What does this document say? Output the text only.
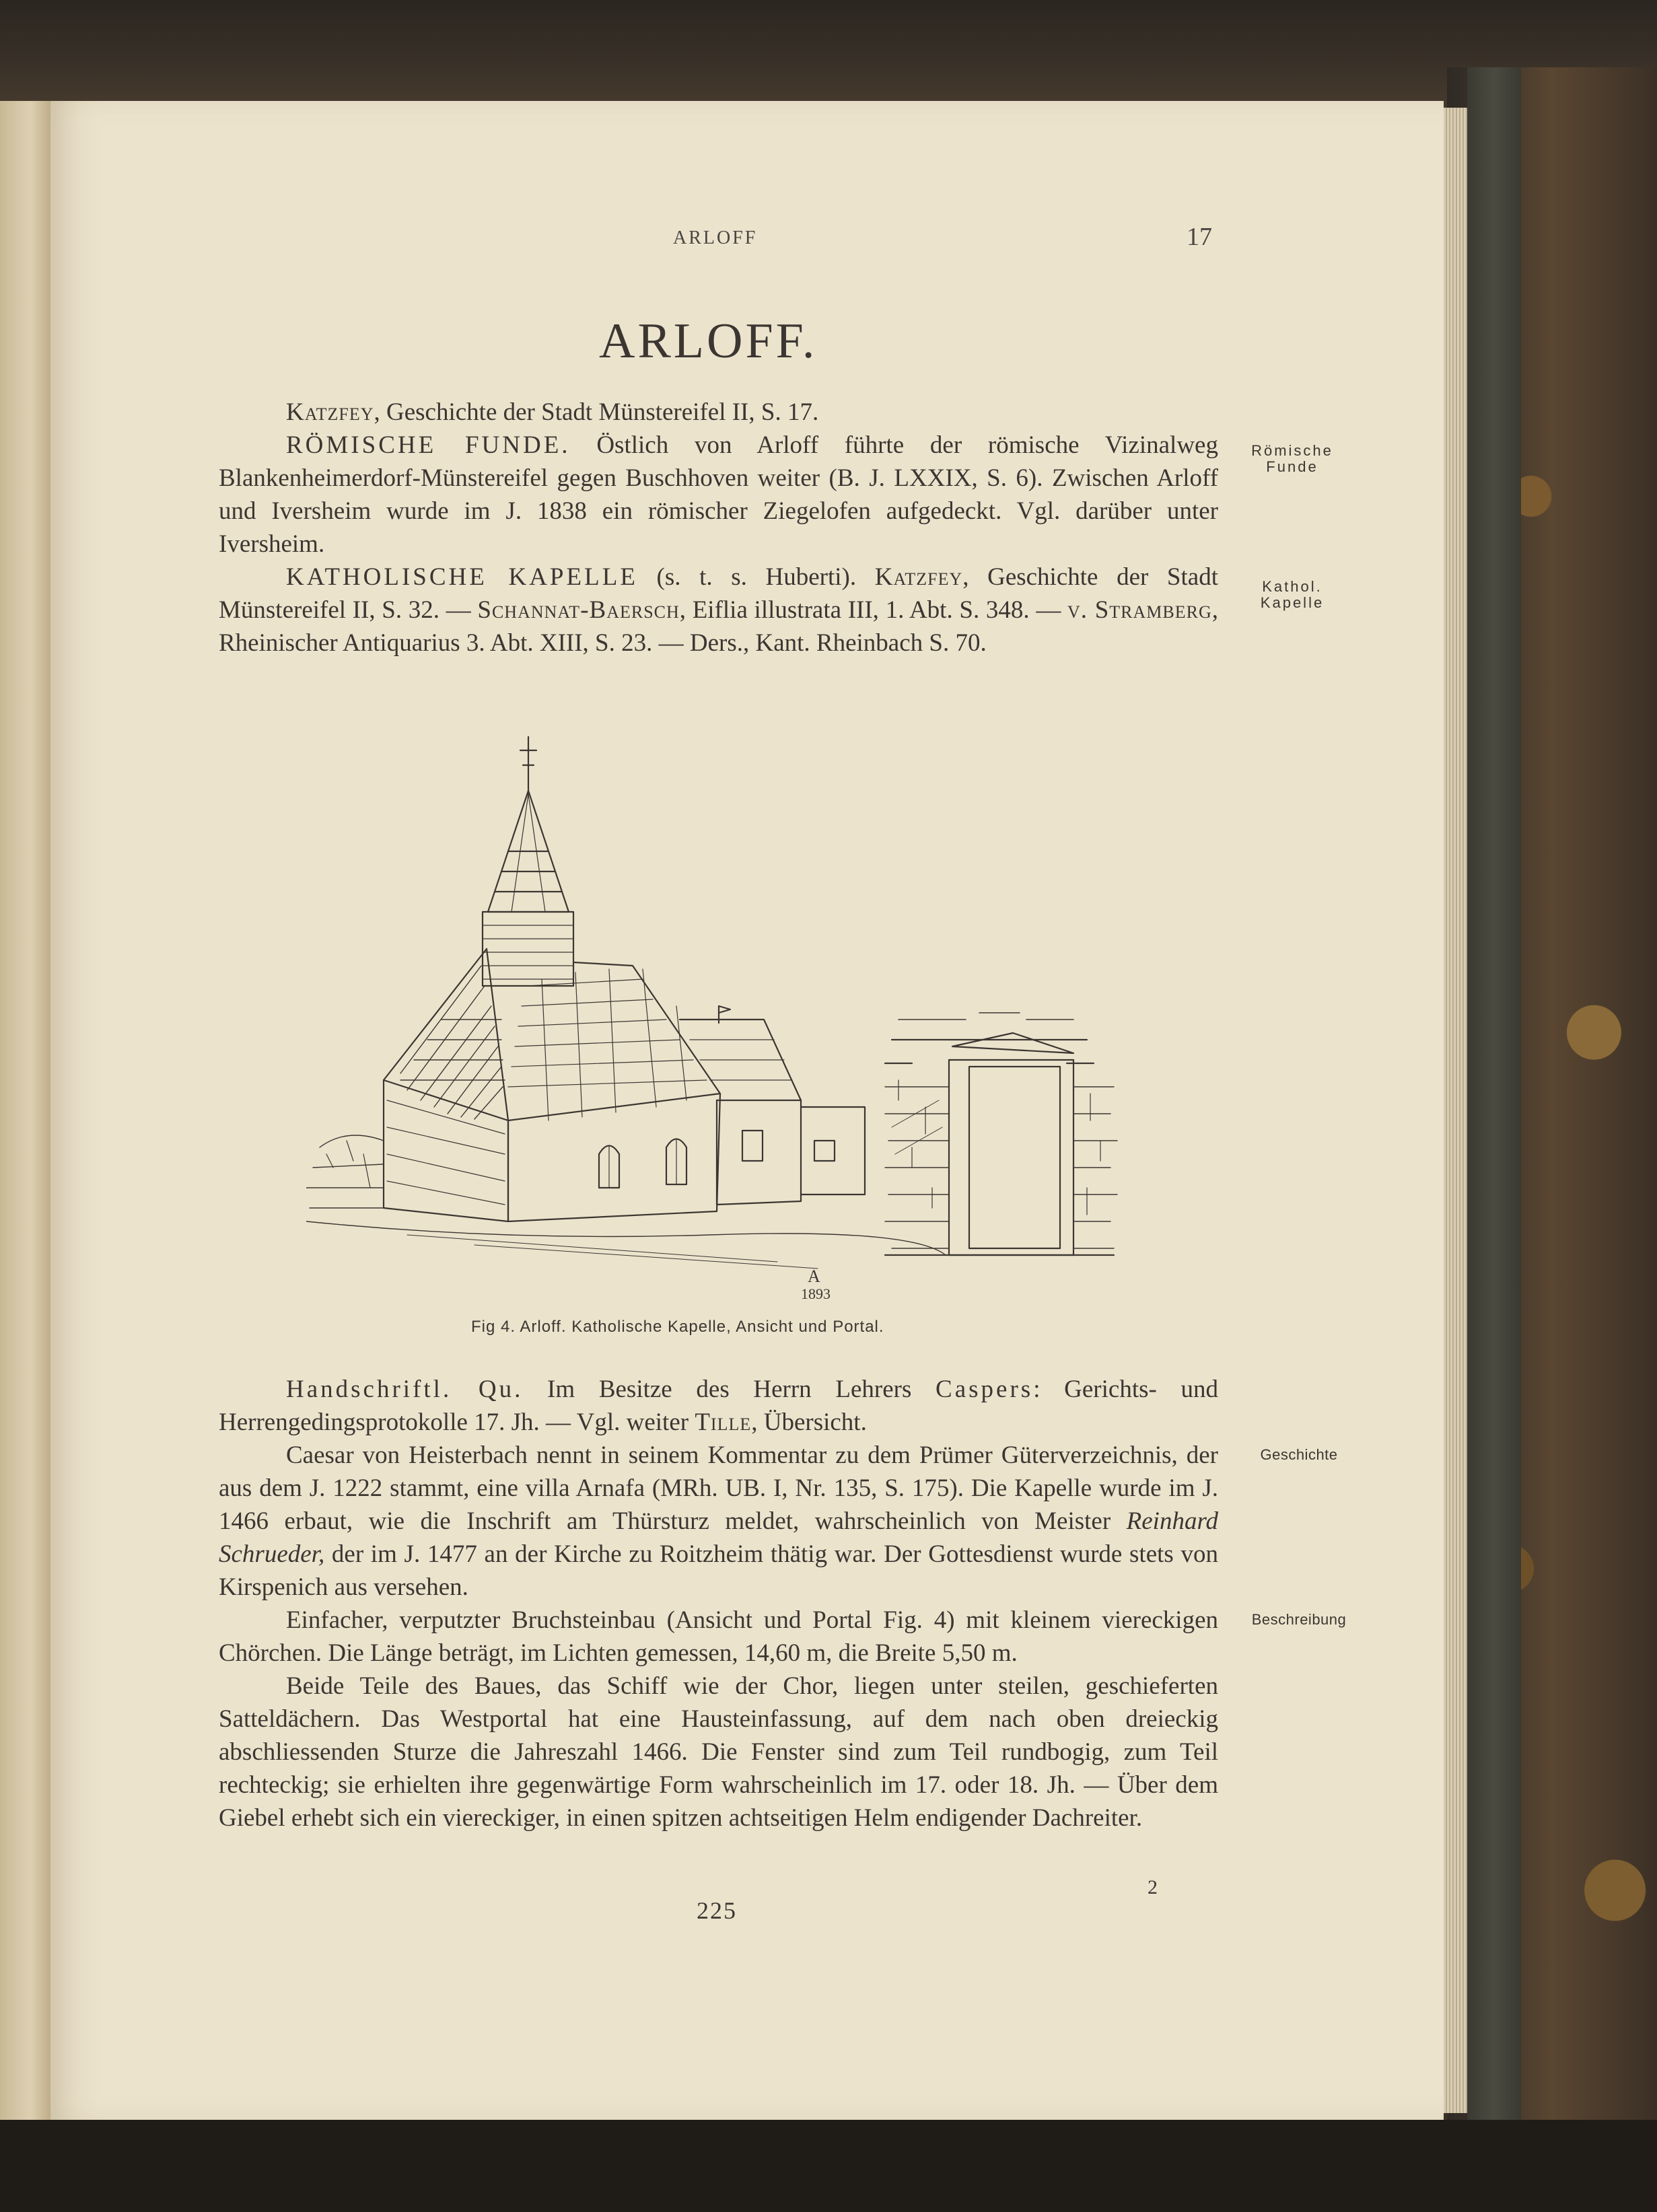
ARLOFF	17
ARLOFF.

Katzfey, Geschichte der Stadt Münstereifel II, S. 17.

RÖMISCHE FUNDE. Östlich von Arloff führte der römische Vizinalweg Blankenheimerdorf-Münstereifel gegen Buschhoven weiter (B. J. LXXIX, S. 6). Zwischen Arloff und Iversheim wurde im J. 1838 ein römischer Ziegelofen aufgedeckt. Vgl. darüber unter Iversheim.

KATHOLISCHE KAPELLE (s. t. s. Huberti). Katzfey, Geschichte der Stadt Münstereifel II, S. 32. — Schannat-Baersch, Eiflia illustrata III, 1. Abt. S. 348. — v. Stramberg, Rheinischer Antiquarius 3. Abt. XIII, S. 23. — Ders., Kant. Rheinbach S. 70.

Römische
Funde
Kathol.
Kapelle
Geschichte
Beschreibung
A
1893
Fig 4. Arloff. Katholische Kapelle, Ansicht und Portal.

Handschriftl. Qu. Im Besitze des Herrn Lehrers Caspers: Gerichts- und Herrengedingsprotokolle 17. Jh. — Vgl. weiter Tille, Übersicht.

Caesar von Heisterbach nennt in seinem Kommentar zu dem Prümer Güterverzeichnis, der aus dem J. 1222 stammt, eine villa Arnafa (MRh. UB. I, Nr. 135, S. 175). Die Kapelle wurde im J. 1466 erbaut, wie die Inschrift am Thürsturz meldet, wahrscheinlich von Meister Reinhard Schrueder, der im J. 1477 an der Kirche zu Roitzheim thätig war. Der Gottesdienst wurde stets von Kirspenich aus versehen.

Einfacher, verputzter Bruchsteinbau (Ansicht und Portal Fig. 4) mit kleinem viereckigen Chörchen. Die Länge beträgt, im Lichten gemessen, 14,60 m, die Breite 5,50 m.

Beide Teile des Baues, das Schiff wie der Chor, liegen unter steilen, geschieferten Satteldächern. Das Westportal hat eine Hausteinfassung, auf dem nach oben dreieckig abschliessenden Sturze die Jahreszahl 1466. Die Fenster sind zum Teil rundbogig, zum Teil rechteckig; sie erhielten ihre gegenwärtige Form wahrscheinlich im 17. oder 18. Jh. — Über dem Giebel erhebt sich ein viereckiger, in einen spitzen achtseitigen Helm endigender Dachreiter.

2
225
